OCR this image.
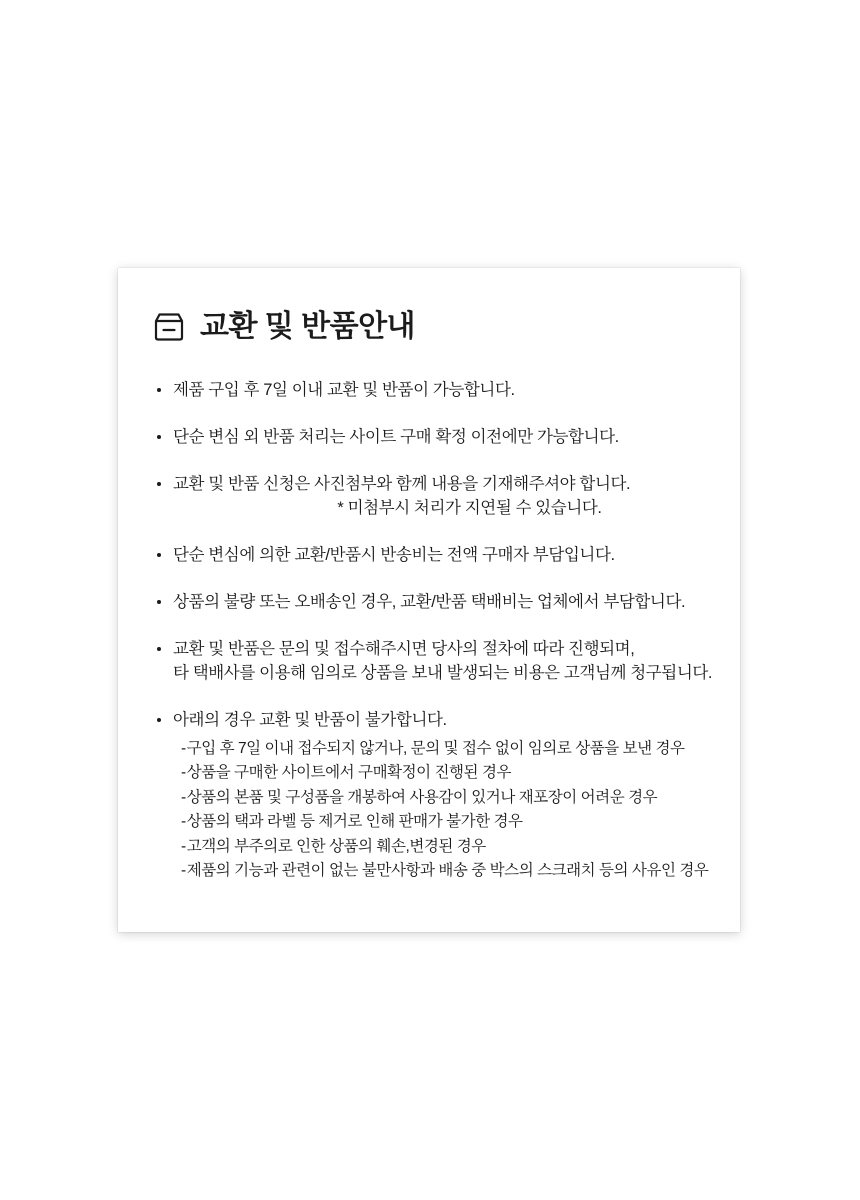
교환 및 반품안내
제품 구입 후 7일 이내 교환 및 반품이 가능합니다.
단순 변심 외 반품 처리는 사이트 구매 확정 이전에만 가능합니다.
교환 및 반품 신청은 사진첨부와 함께 내용을 기재해주셔야 합니다.
* 미첨부시 처리가 지연될 수 있습니다.
단순 변심에 의한 교환/반품시 반송비는 전액 구매자 부담입니다.
상품의 불량 또는 오배송인 경우, 교환/반품 택배비는 업체에서 부담합니다.
교환 및 반품은 문의 및 접수해주시면 당사의 절차에 따라 진행되며,
타 택배사를 이용해 임의로 상품을 보내 발생되는 비용은 고객님께 청구됩니다.
아래의 경우 교환 및 반품이 불가합니다.
- 구입 후 7일 이내 접수되지 않거나, 문의 및 접수 없이 임의로 상품을 보낸 경우
- 상품을 구매한 사이트에서 구매확정이 진행된 경우
- 상품의 본품 및 구성품을 개봉하여 사용감이 있거나 재포장이 어려운 경우
- 상품의 택과 라벨 등 제거로 인해 판매가 불가한 경우
- 고객의 부주의로 인한 상품의 훼손,변경된 경우
- 제품의 기능과 관련이 없는 불만사항과 배송 중 박스의 스크래치 등의 사유인 경우
